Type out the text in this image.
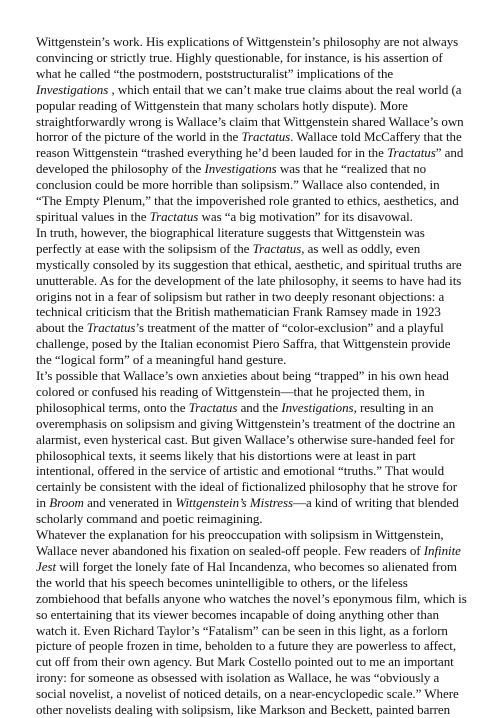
Wittgenstein’s work. His explications of Wittgenstein’s philosophy are not always convincing or strictly true. Highly questionable, for instance, is his assertion of what he called “the postmodern, poststructuralist” implications of the Investigations , which entail that we can’t make true claims about the real world (a popular reading of Wittgenstein that many scholars hotly dispute). More straightforwardly wrong is Wallace’s claim that Wittgenstein shared Wallace’s own horror of the picture of the world in the Tractatus. Wallace told McCaffery that the reason Wittgenstein “trashed everything he’d been lauded for in the Tractatus” and developed the philosophy of the Investigations was that he “realized that no conclusion could be more horrible than solipsism.” Wallace also contended, in “The Empty Plenum,” that the impoverished role granted to ethics, aesthetics, and spiritual values in the Tractatus was “a big motivation” for its disavowal.

In truth, however, the biographical literature suggests that Wittgenstein was perfectly at ease with the solipsism of the Tractatus, as well as oddly, even mystically consoled by its suggestion that ethical, aesthetic, and spiritual truths are unutterable. As for the development of the late philosophy, it seems to have had its origins not in a fear of solipsism but rather in two deeply resonant objections: a technical criticism that the British mathematician Frank Ramsey made in 1923 about the Tractatus’s treatment of the matter of “color-exclusion” and a playful challenge, posed by the Italian economist Piero Saffra, that Wittgenstein provide the “logical form” of a meaningful hand gesture.

It’s possible that Wallace’s own anxieties about being “trapped” in his own head colored or confused his reading of Wittgenstein—that he projected them, in philosophical terms, onto the Tractatus and the Investigations, resulting in an overemphasis on solipsism and giving Wittgenstein’s treatment of the doctrine an alarmist, even hysterical cast. But given Wallace’s otherwise sure-handed feel for philosophical texts, it seems likely that his distortions were at least in part intentional, offered in the service of artistic and emotional “truths.” That would certainly be consistent with the ideal of fictionalized philosophy that he strove for in Broom and venerated in Wittgenstein’s Mistress—a kind of writing that blended scholarly command and poetic reimagining.

Whatever the explanation for his preoccupation with solipsism in Wittgenstein, Wallace never abandoned his fixation on sealed-off people. Few readers of Infinite Jest will forget the lonely fate of Hal Incandenza, who becomes so alienated from the world that his speech becomes unintelligible to others, or the lifeless zombiehood that befalls anyone who watches the novel’s eponymous film, which is so entertaining that its viewer becomes incapable of doing anything other than watch it. Even Richard Taylor’s “Fatalism” can be seen in this light, as a forlorn picture of people frozen in time, beholden to a future they are powerless to affect, cut off from their own agency. But Mark Costello pointed out to me an important irony: for someone as obsessed with isolation as Wallace, he was “obviously a social novelist, a novelist of noticed details, on a near-encyclopedic scale.” Where other novelists dealing with solipsism, like Markson and Beckett, painted barren
